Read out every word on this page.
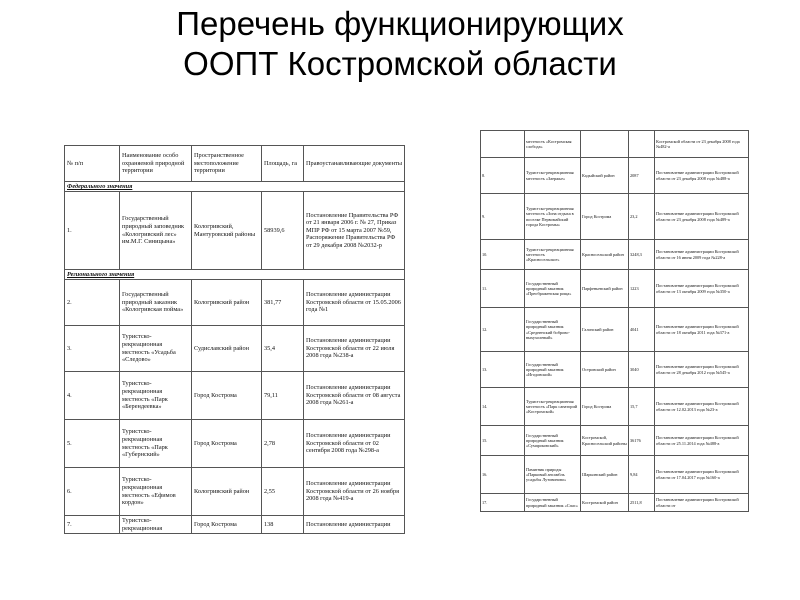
Перечень функционирующих
ООПТ Костромской области
№ п/п	Наименование особо охраняемой природной территории	Пространственное местоположение территории	Площадь, га	Правоустанавливающие документы
Федерального значения				
1.	Государственный природный заповедник «Кологривский лес» им.М.Г. Синицына»	Кологривский, Мантуровский районы	58939,6	Постановление Правительства РФ от 21 января 2006 г. № 27, Приказ МПР РФ от 15 марта 2007 №59, Распоряжение Правительства РФ от 29 декабря 2008 №2032-р
Регионального значения				
2.	Государственный природный заказник «Кологривская пойма»	Кологривский район	381,77	Постановление администрации Костромской области от 15.05.2006 года №1
3.	Туристско-рекреационная местность «Усадьба «Следово»	Судиславский район	35,4	Постановление администрации Костромской области от 22 июля 2008 года №238-а
4.	Туристско-рекреационная местность «Парк «Берендеевка»	Город Кострома	79,11	Постановление администрации Костромской области от 08 августа 2008 года №261-а
5.	Туристско-рекреационная местность «Парк «Губернский»	Город Кострома	2,78	Постановление администрации Костромской области от 02 сентября 2008 года №298-а
6.	Туристско-рекреационная местность «Ефимов кордон»	Кологривский район	2,55	Постановление администрации Костромской области от 26 ноября 2008 года №419-а
7.	Туристско-рекреационная	Город Кострома	138	Постановление администрации
	местность «Костромская слобода»			Костромской области от 23 декабря 2008 года №482-а
8.	Туристско-рекреационная местность «Заержье»	Кадыйский район	2087	Постановление администрации Костромской области от 23 декабря 2008 года №488-а
9.	Туристско-рекреационная местность «Зона отдыха в поселке Первомайский города Костромы»	Город Кострома	23,2	Постановление администрации Костромской области от 23 декабря 2008 года №489-а
10.	Туристско-рекреационная местность «Красносельское»	Красносельский район	3248,3	Постановление администрации Костромской области от 16 июня 2009 года №228-а
11.	Государственный природный заказник «Преображенская роща»	Парфеньевский район	1223	Постановление администрации Костромской области от 13 октября 2009 года №350-а
12.	Государственный природный заказник «Средненский боброво-выхухолевый»	Галичский район	4041	Постановление администрации Костромской области от 18 октября 2011 года №371-а
13.	Государственный природный заказник «Игодовский»	Островский район	3040	Постановление администрации Костромской области от 28 декабря 2012 года №545-а
14.	Туристско-рекреационная местность «Парк санаторий «Костромской»	Город Кострома	15,7	Постановление администрации Костромской области от 12.02.2013 года №23-а
15.	Государственный природный заказник «Сумароковский»	Костромской, Красносельский районы	36176	Постановление администрации Костромской области от 25.11.2014 года №488-а
16.	Памятник природы «Парковый ансамбль усадьбы Лутовиново»	Шарьинский район	9,84	Постановление администрации Костромской области от 17.04.2017 года №160-а
17.	Государственный природный заказник «Спас»	Костромской район	2511,8	Постановление администрации Костромской области от
